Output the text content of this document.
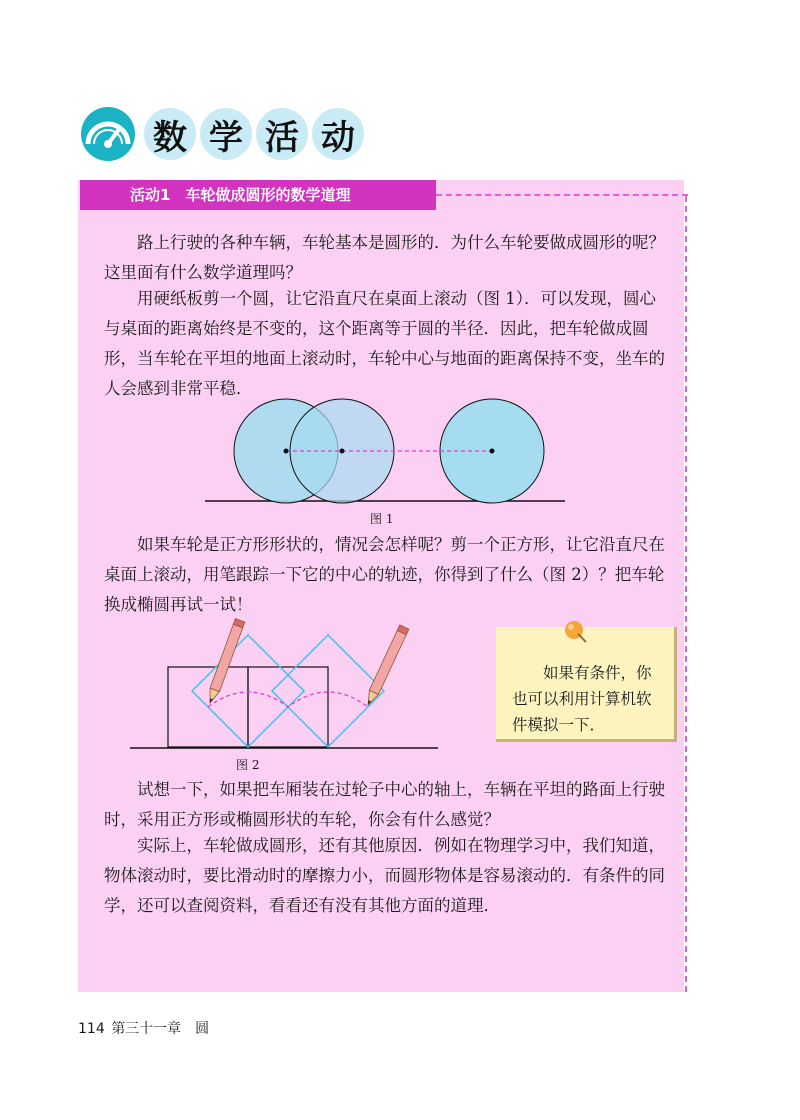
数 学 活 动
活动1　车轮做成圆形的数学道理

路上行驶的各种车辆，车轮基本是圆形的．为什么车轮要做成圆形的呢？这里面有什么数学道理吗？

用硬纸板剪一个圆，让它沿直尺在桌面上滚动（图 1）．可以发现，圆心与桌面的距离始终是不变的，这个距离等于圆的半径．因此，把车轮做成圆形，当车轮在平坦的地面上滚动时，车轮中心与地面的距离保持不变，坐车的人会感到非常平稳．

图 1

如果车轮是正方形形状的，情况会怎样呢？剪一个正方形，让它沿直尺在桌面上滚动，用笔跟踪一下它的中心的轨迹，你得到了什么（图 2）？把车轮换成椭圆再试一试！

图 2

如果有条件，你
也可以利用计算机软件模拟一下．

试想一下，如果把车厢装在过轮子中心的轴上，车辆在平坦的路面上行驶时，采用正方形或椭圆形状的车轮，你会有什么感觉？

实际上，车轮做成圆形，还有其他原因．例如在物理学习中，我们知道，物体滚动时，要比滑动时的摩擦力小，而圆形物体是容易滚动的．有条件的同学，还可以查阅资料，看看还有没有其他方面的道理．

114 第三十一章　圆
